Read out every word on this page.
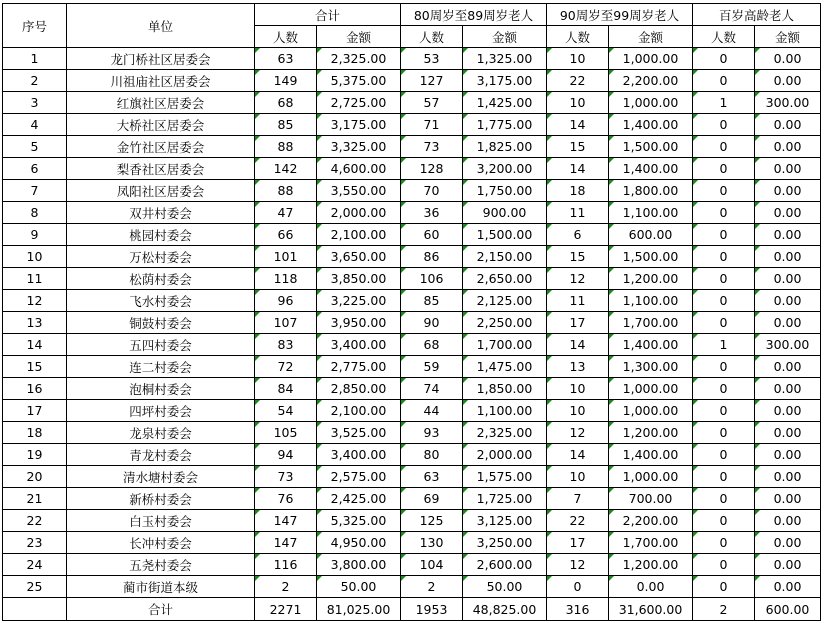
序号	单位	合计		80周岁至89周岁老人		90周岁至99周岁老人		百岁高龄老人	
		人数	金额	人数	金额	人数	金额	人数	金额
1	龙门桥社区居委会	63	2,325.00	53	1,325.00	10	1,000.00	0	0.00
2	川祖庙社区居委会	149	5,375.00	127	3,175.00	22	2,200.00	0	0.00
3	红旗社区居委会	68	2,725.00	57	1,425.00	10	1,000.00	1	300.00
4	大桥社区居委会	85	3,175.00	71	1,775.00	14	1,400.00	0	0.00
5	金竹社区居委会	88	3,325.00	73	1,825.00	15	1,500.00	0	0.00
6	梨香社区居委会	142	4,600.00	128	3,200.00	14	1,400.00	0	0.00
7	凤阳社区居委会	88	3,550.00	70	1,750.00	18	1,800.00	0	0.00
8	双井村委会	47	2,000.00	36	900.00	11	1,100.00	0	0.00
9	桃园村委会	66	2,100.00	60	1,500.00	6	600.00	0	0.00
10	万松村委会	101	3,650.00	86	2,150.00	15	1,500.00	0	0.00
11	松荫村委会	118	3,850.00	106	2,650.00	12	1,200.00	0	0.00
12	飞水村委会	96	3,225.00	85	2,125.00	11	1,100.00	0	0.00
13	铜鼓村委会	107	3,950.00	90	2,250.00	17	1,700.00	0	0.00
14	五四村委会	83	3,400.00	68	1,700.00	14	1,400.00	1	300.00
15	连二村委会	72	2,775.00	59	1,475.00	13	1,300.00	0	0.00
16	泡桐村委会	84	2,850.00	74	1,850.00	10	1,000.00	0	0.00
17	四坪村委会	54	2,100.00	44	1,100.00	10	1,000.00	0	0.00
18	龙泉村委会	105	3,525.00	93	2,325.00	12	1,200.00	0	0.00
19	青龙村委会	94	3,400.00	80	2,000.00	14	1,400.00	0	0.00
20	清水塘村委会	73	2,575.00	63	1,575.00	10	1,000.00	0	0.00
21	新桥村委会	76	2,425.00	69	1,725.00	7	700.00	0	0.00
22	白玉村委会	147	5,325.00	125	3,125.00	22	2,200.00	0	0.00
23	长冲村委会	147	4,950.00	130	3,250.00	17	1,700.00	0	0.00
24	五尧村委会	116	3,800.00	104	2,600.00	12	1,200.00	0	0.00
25	蔺市街道本级	2	50.00	2	50.00	0	0.00	0	0.00
	合计	2271	81,025.00	1953	48,825.00	316	31,600.00	2	600.00
